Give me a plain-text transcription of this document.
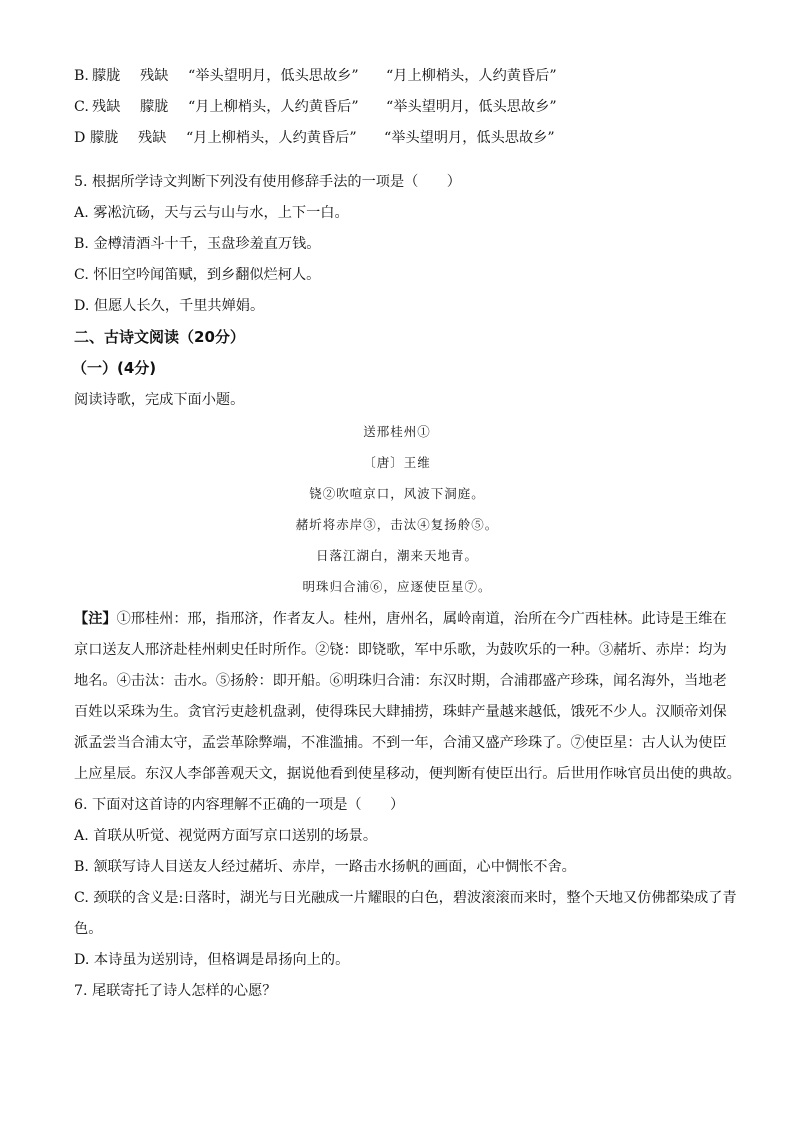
B. 朦胧 残缺 “举头望明月，低头思故乡” “月上柳梢头，人约黄昏后”
C. 残缺 朦胧 “月上柳梢头，人约黄昏后” “举头望明月，低头思故乡”
D 朦胧 残缺 “月上柳梢头，人约黄昏后” “举头望明月，低头思故乡”
5. 根据所学诗文判断下列没有使用修辞手法的一项是（　　）
A. 雾凇沆砀，天与云与山与水，上下一白。
B. 金樽清酒斗十千，玉盘珍羞直万钱。
C. 怀旧空吟闻笛赋，到乡翻似烂柯人。
D. 但愿人长久，千里共婵娟。
二、古诗文阅读（20分）
（一）(4分)
阅读诗歌，完成下面小题。
送邢桂州①
〔唐〕王维
铙②吹喧京口，风波下洞庭。
赭圻将赤岸③，击汰④复扬舲⑤。
日落江湖白，潮来天地青。
明珠归合浦⑥，应逐使臣星⑦。
【注】①邢桂州：邢，指邢济，作者友人。桂州，唐州名，属岭南道，治所在今广西桂林。此诗是王维在
京口送友人邢济赴桂州刺史任时所作。②铙：即铙歌，军中乐歌，为鼓吹乐的一种。③赭圻、赤岸：均为
地名。④击汰：击水。⑤扬舲：即开船。⑥明珠归合浦：东汉时期，合浦郡盛产珍珠，闻名海外，当地老
百姓以采珠为生。贪官污吏趁机盘剥，使得珠民大肆捕捞，珠蚌产量越来越低，饿死不少人。汉顺帝刘保
派孟尝当合浦太守，孟尝革除弊端，不准滥捕。不到一年，合浦又盛产珍珠了。⑦使臣星：古人认为使臣
上应星辰。东汉人李郃善观天文，据说他看到使星移动，便判断有使臣出行。后世用作咏官员出使的典故。
6. 下面对这首诗的内容理解不正确的一项是（　　）
A. 首联从听觉、视觉两方面写京口送别的场景。
B. 颔联写诗人目送友人经过赭圻、赤岸，一路击水扬帆的画面，心中惆怅不舍。
C. 颈联的含义是:日落时，湖光与日光融成一片耀眼的白色，碧波滚滚而来时，整个天地又仿佛都染成了青
色。
D. 本诗虽为送别诗，但格调是昂扬向上的。
7. 尾联寄托了诗人怎样的心愿？
